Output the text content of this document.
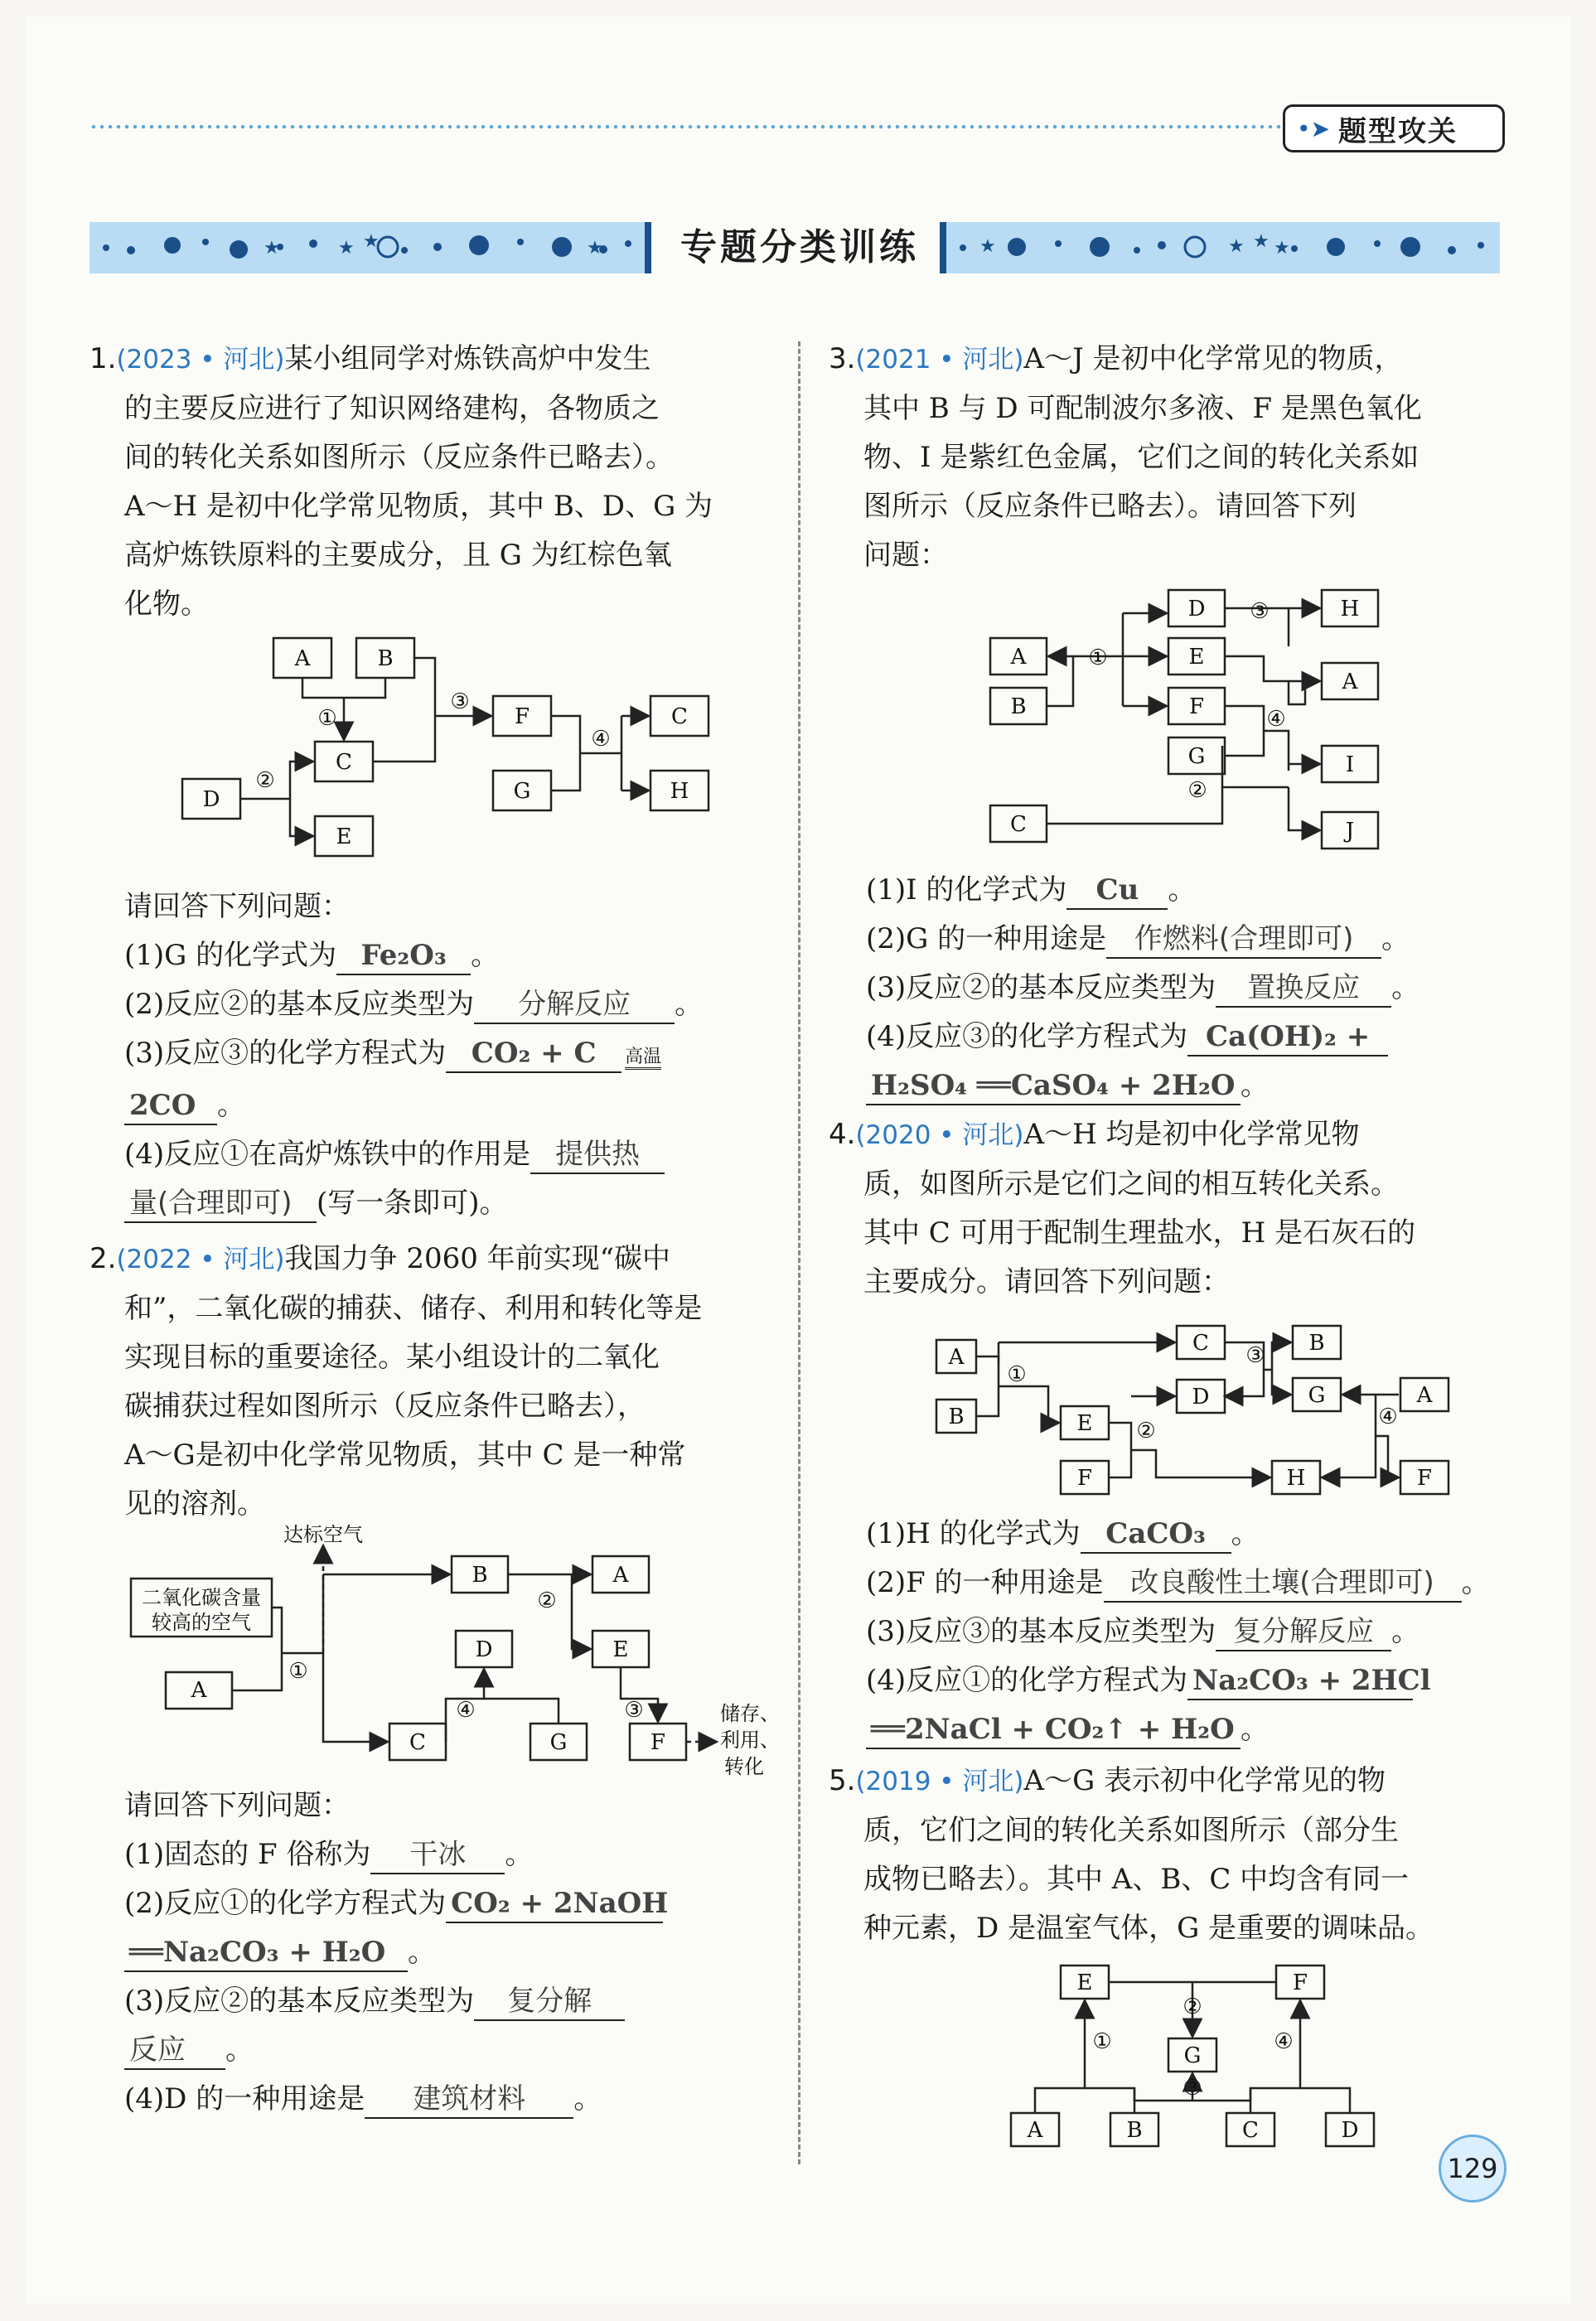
•➤ 题型攻关
★	★ ★	★	专题分类训练	★	★ ★ ★
1.(2023 • 河北)某小组同学对炼铁高炉中发生
的主要反应进行了知识网络建构，各物质之
间的转化关系如图所示（反应条件已略去）。
A～H 是初中化学常见物质，其中 B、D、G 为
高炉炼铁原料的主要成分，且 G 为红棕色氧
化物。
A	B
C
D
E
F
G
C
H
①
②
③
④
请回答下列问题：
(1)G 的化学式为 Fe₂O₃ 。
(2)反应②的基本反应类型为 分解反应 。
(3)反应③的化学方程式为 CO₂ + C 高温
2CO 。
(4)反应①在高炉炼铁中的作用是 提供热
量(合理即可) (写一条即可)。
2.(2022 • 河北)我国力争 2060 年前实现“碳中
和”，二氧化碳的捕获、储存、利用和转化等是
实现目标的重要途径。某小组设计的二氧化
碳捕获过程如图所示（反应条件已略去），
A～G是初中化学常见物质，其中 C 是一种常
见的溶剂。
达标空气
二氧化碳含量
较高的空气
A
B	A
D	E
C	G	F
①
②
③
④	储存、
利用、
转化
请回答下列问题：
(1)固态的 F 俗称为 干冰 。
(2)反应①的化学方程式为 CO₂ + 2NaOH
══Na₂CO₃ + H₂O 。
(3)反应②的基本反应类型为 复分解
反应 。
(4)D 的一种用途是 建筑材料 。
3.(2021 • 河北)A～J 是初中化学常见的物质，
其中 B 与 D 可配制波尔多液、F 是黑色氧化
物、I 是紫红色金属，它们之间的转化关系如
图所示（反应条件已略去）。请回答下列
问题：
A
B
C
D
E
F
G
H
A
I
J
①
②
③
④
(1)I 的化学式为 Cu 。
(2)G 的一种用途是 作燃料(合理即可) 。
(3)反应②的基本反应类型为 置换反应 。
(4)反应③的化学方程式为 Ca(OH)₂ +
H₂SO₄ ══CaSO₄ + 2H₂O 。
4.(2020 • 河北)A～H 均是初中化学常见物
质，如图所示是它们之间的相互转化关系。
其中 C 可用于配制生理盐水，H 是石灰石的
主要成分。请回答下列问题：
A
B	E
F
C
D
H
B
G	A
F
①
②
③
④
(1)H 的化学式为 CaCO₃ 。
(2)F 的一种用途是 改良酸性土壤(合理即可) 。
(3)反应③的基本反应类型为 复分解反应 。
(4)反应①的化学方程式为 Na₂CO₃ + 2HCl
══2NaCl + CO₂↑ + H₂O 。
5.(2019 • 河北)A～G 表示初中化学常见的物
质，它们之间的转化关系如图所示（部分生
成物已略去）。其中 A、B、C 中均含有同一
种元素，D 是温室气体，G 是重要的调味品。
E	F
G
A	B	C	D
①
②
③
④
129
